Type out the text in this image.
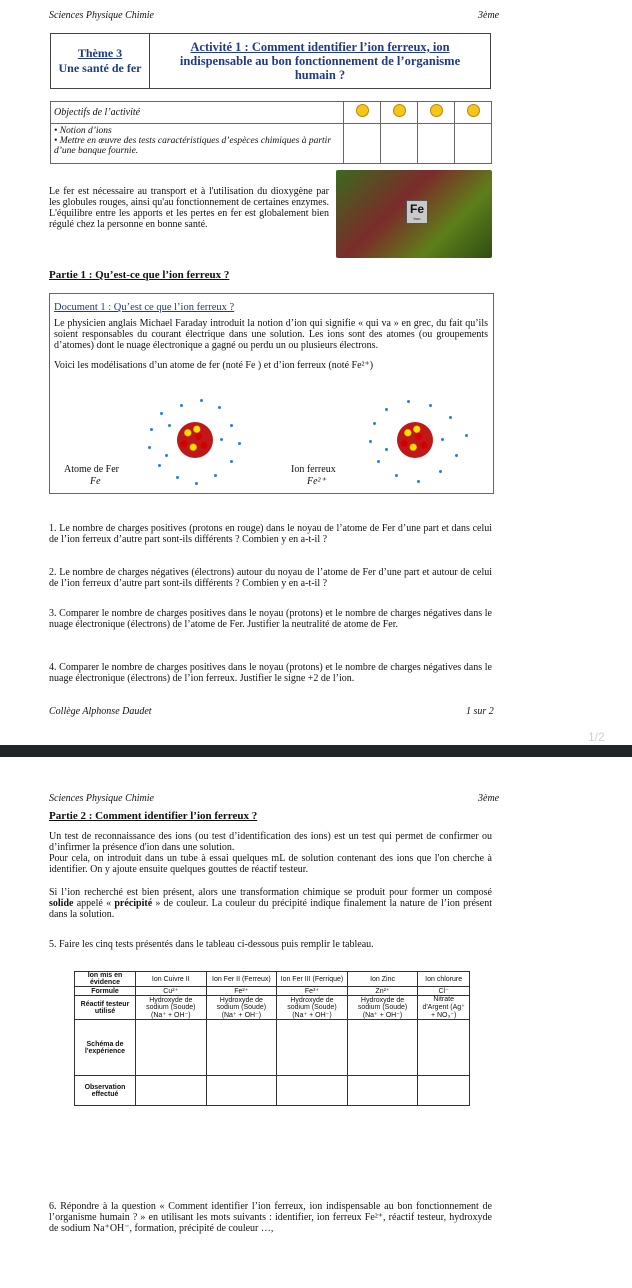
Sciences Physique Chimie	3ème
Thème 3
Une santé de fer

Activité 1 : Comment identifier l’ion ferreux, ion
indispensable au bon fonctionnement de l’organisme
humain ?
Objectifs de l’activité				

• Notion d’ions
• Mettre en œuvre des tests caractéristiques d’espèces chimiques à partir d’une banque fournie.				

Le fer est nécessaire au transport et à l'utilisation du dioxygène par les globules rouges, ainsi qu'au fonctionnement de certaines enzymes. L'équilibre entre les apports et les pertes en fer est globalement bien régulé chez la personne en bonne santé.
Fe
Iron
Partie 1 : Qu’est-ce que l’ion ferreux ?
Document 1 : Qu’est ce que l’ion ferreux ?
Le physicien anglais Michael Faraday introduit la notion d’ion qui signifie « qui va » en grec, du fait qu’ils soient responsables du courant électrique dans une solution. Les ions sont des atomes (ou groupements d’atomes) dont le nuage électronique a gagné ou perdu un ou plusieurs électrons.
Voici les modélisations d’un atome de fer (noté Fe ) et d’ion ferreux (noté Fe²⁺)
Atome de Fer
Fe
Ion ferreux
Fe²⁺
1. Le nombre de charges positives (protons en rouge) dans le noyau de l’atome de Fer d’une part et dans celui de l’ion ferreux d’autre part sont-ils différents ? Combien y en a-t-il ?
2. Le nombre de charges négatives (électrons) autour du noyau de l’atome de Fer d’une part et autour de celui de l’ion ferreux d’autre part sont-ils différents ? Combien y en a-t-il ?
3. Comparer le nombre de charges positives dans le noyau (protons) et le nombre de charges négatives dans le nuage électronique (électrons) de l’atome de Fer. Justifier la neutralité de atome de Fer.
4. Comparer le nombre de charges positives dans le noyau (protons) et le nombre de charges négatives dans le nuage électronique (électrons) de l’ion ferreux. Justifier le signe +2 de l’ion.
Collège Alphonse Daudet	1 sur 2
1/2
Sciences Physique Chimie	3ème
Partie 2 : Comment identifier l’ion ferreux ?
Un test de reconnaissance des ions (ou test d’identification des ions) est un test qui permet de confirmer ou d’infirmer la présence d'ion dans une solution.
Pour cela, on introduit dans un tube à essai quelques mL de solution contenant des ions que l'on cherche à identifier. On y ajoute ensuite quelques gouttes de réactif testeur.
Si l’ion recherché est bien présent, alors une transformation chimique se produit pour former un composé solide appelé « précipité » de couleur. La couleur du précipité indique finalement la nature de l’ion présent dans la solution.
5. Faire les cinq tests présentés dans le tableau ci-dessous puis remplir le tableau.
Ion mis en évidence	Ion Cuivre II	Ion Fer II (Ferreux)	Ion Fer III (Ferrique)	Ion Zinc	Ion chlorure
Formule	Cu²⁺	Fe²⁺	Fe³⁺	Zn²⁺	Cl⁻
Réactif testeur utilisé	Hydroxyde de sodium (Soude) (Na⁺ + OH⁻)	Hydroxyde de sodium (Soude) (Na⁺ + OH⁻)	Hydroxyde de sodium (Soude) (Na⁺ + OH⁻)	Hydroxyde de sodium (Soude) (Na⁺ + OH⁻)	Nitrate d'Argent (Ag⁺ + NO₃⁻)
Schéma de l'expérience					
Observation effectué					
6. Répondre à la question « Comment identifier l’ion ferreux, ion indispensable au bon fonctionnement de l’organisme humain ? » en utilisant les mots suivants : identifier, ion ferreux Fe²⁺, réactif testeur, hydroxyde de sodium Na⁺OH⁻, formation, précipité de couleur …,
